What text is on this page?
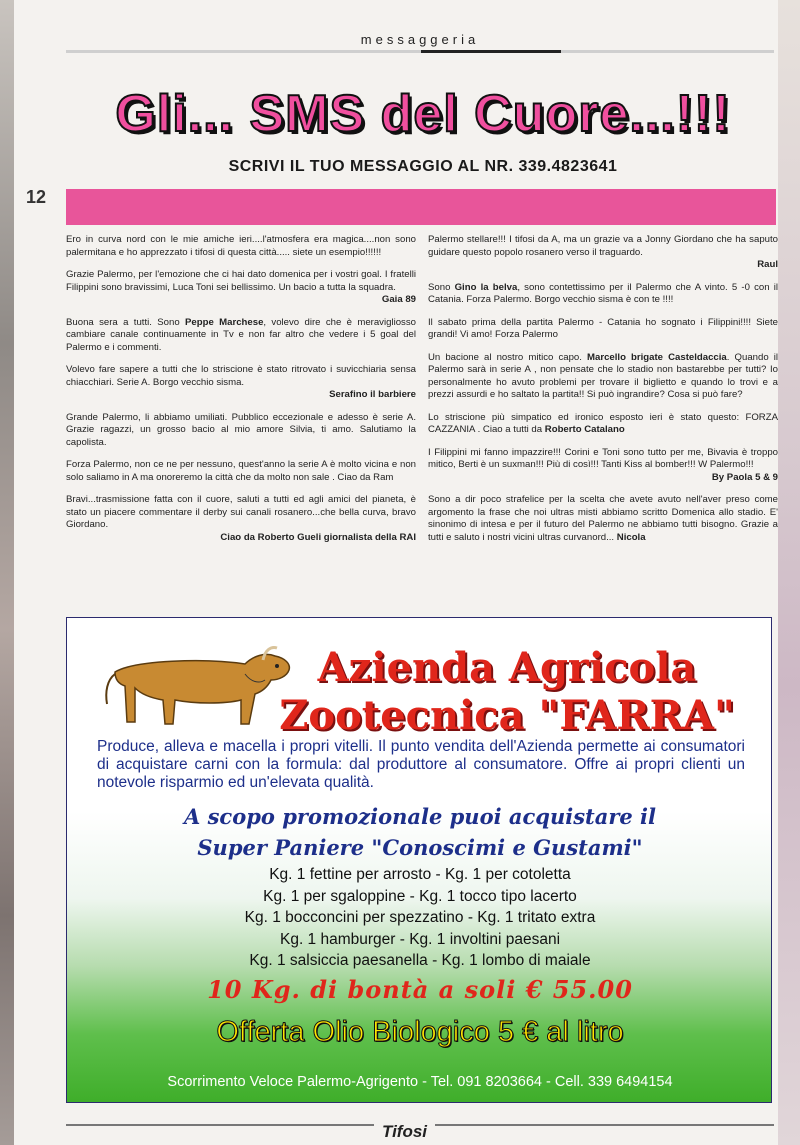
messaggeria
Gli... SMS del Cuore...!!!
SCRIVI IL TUO MESSAGGIO AL NR. 339.4823641
12

Ero in curva nord con le mie amiche ieri....l'atmosfera era magica....non sono palermitana e ho apprezzato i tifosi di questa città..... siete un esempio!!!!!!

Grazie Palermo, per l'emozione che ci hai dato domenica per i vostri goal. I fratelli Filippini sono bravissimi, Luca Toni sei bellissimo. Un bacio a tutta la squadra.
Gaia 89

Buona sera a tutti. Sono Peppe Marchese, volevo dire che è meravigliosso cambiare canale continuamente in Tv e non far altro che vedere i 5 goal del Palermo e i commenti.

Volevo fare sapere a tutti che lo striscione è stato ritrovato i suvicchiaria sensa chiacchiari. Serie A. Borgo vecchio sisma.
Serafino il barbiere

Grande Palermo, li abbiamo umiliati. Pubblico eccezionale e adesso è serie A. Grazie ragazzi, un grosso bacio al mio amore Silvia, ti amo. Salutiamo la capolista.

Forza Palermo, non ce ne per nessuno, quest'anno la serie A è molto vicina e non solo saliamo in A ma onoreremo la città che da molto non sale . Ciao da Ram

Bravi...trasmissione fatta con il cuore, saluti a tutti ed agli amici del pianeta, è stato un piacere commentare il derby sui canali rosanero...che bella curva, bravo Giordano.
Ciao da Roberto Gueli giornalista della RAI

Palermo stellare!!! I tifosi da A, ma un grazie va a Jonny Giordano che ha saputo guidare questo popolo rosanero verso il traguardo.
Raul

Sono Gino la belva, sono contettissimo per il Palermo che A vinto. 5 -0 con il Catania. Forza Palermo. Borgo vecchio sisma è con te !!!!

Il sabato prima della partita Palermo - Catania ho sognato i Filippini!!!! Siete grandi! Vi amo! Forza Palermo

Un bacione al nostro mitico capo. Marcello brigate Casteldaccia. Quando il Palermo sarà in serie A , non pensate che lo stadio non bastarebbe per tutti? Io personalmente ho avuto problemi per trovare il biglietto e quando lo trovi e a prezzi assurdi e ho saltato la partita!! Si può ingrandire? Cosa si può fare?

Lo striscione più simpatico ed ironico esposto ieri è stato questo: FORZA CAZZANIA . Ciao a tutti da Roberto Catalano

I Filippini mi fanno impazzire!!! Corini e Toni sono tutto per me, Bivavia è troppo mitico, Berti è un suxman!!! Più di così!!! Tanti Kiss al bomber!!! W Palermo!!!
By Paola 5 & 9

Sono a dir poco strafelice per la scelta che avete avuto nell'aver preso come argomento la frase che noi ultras misti abbiamo scritto Domenica allo stadio. E' sinonimo di intesa e per il futuro del Palermo ne abbiamo tutti bisogno. Grazie a tutti e saluto i nostri vicini ultras curvanord... Nicola

Azienda Agricola
Zootecnica "FARRA"
Produce, alleva e macella i propri vitelli. Il punto vendita dell'Azienda permette ai consumatori di acquistare carni con la formula: dal produttore al consumatore. Offre ai propri clienti un notevole risparmio ed un'elevata qualità.
A scopo promozionale puoi acquistare il
Super Paniere "Conoscimi e Gustami"
Kg. 1 fettine per arrosto - Kg. 1 per cotoletta
Kg. 1 per sgaloppine - Kg. 1 tocco tipo lacerto
Kg. 1 bocconcini per spezzatino - Kg. 1 tritato extra
Kg. 1 hamburger - Kg. 1 involtini paesani
Kg. 1 salsiccia paesanella - Kg. 1 lombo di maiale
10 Kg. di bontà a soli € 55.00
Offerta Olio Biologico 5 € al litro
Scorrimento Veloce Palermo-Agrigento - Tel. 091 8203664 - Cell. 339 6494154
Tifosi
